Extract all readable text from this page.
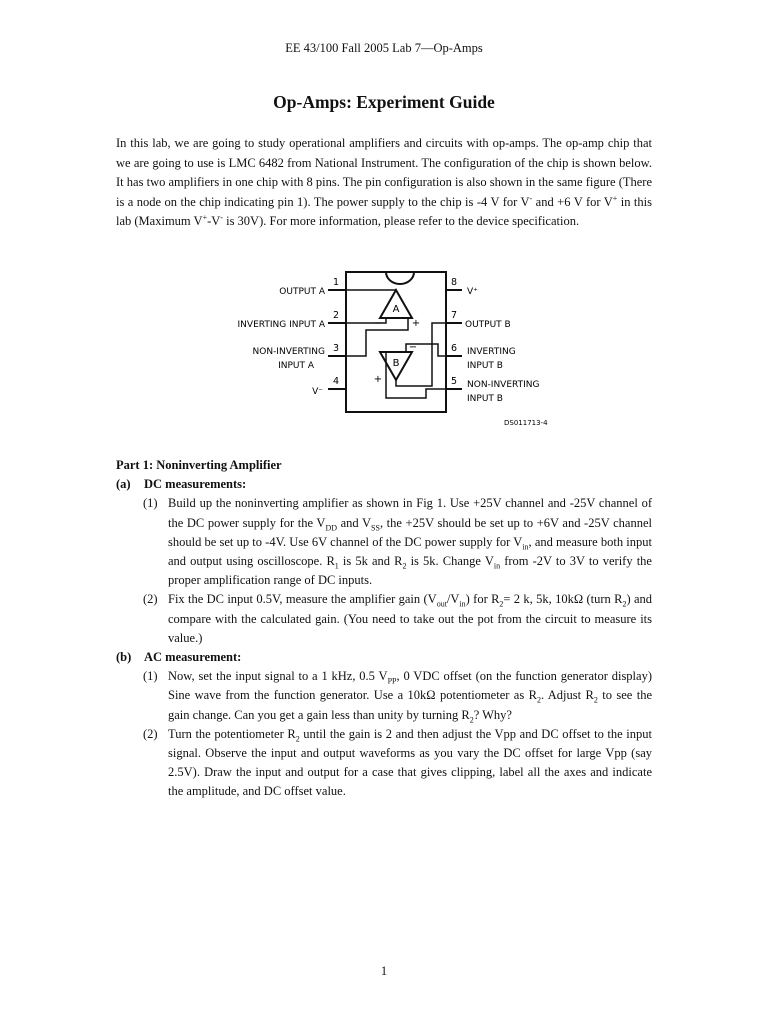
EE 43/100 Fall 2005 Lab 7—Op-Amps
Op-Amps: Experiment Guide

In this lab, we are going to study operational amplifiers and circuits with op-amps. The op-amp chip that we are going to use is LMC 6482 from National Instrument. The configuration of the chip is shown below. It has two amplifiers in one chip with 8 pins. The pin configuration is also shown in the same figure (There is a node on the chip indicating pin 1). The power supply to the chip is -4 V for V- and +6 V for V+ in this lab (Maximum V+-V- is 30V). For more information, please refer to the device specification.

A
B
−	+
−
+
1
2
3
4
8
7
6
5
OUTPUT A
INVERTING INPUT A
NON-INVERTING
INPUT A
V⁻
V⁺
OUTPUT B
INVERTING
INPUT B
NON-INVERTING
INPUT B
DS011713-4

Part 1: Noninverting Amplifier

(a)	DC measurements:

(1) Build up the noninverting amplifier as shown in Fig 1. Use +25V channel and -25V channel of the DC power supply for the $V_{DD}$ and $V_{SS}$, the +25V should be set up to +6V and -25V channel should be set up to -4V. Use 6V channel of the DC power supply for $V_{in}$, and measure both input and output using oscilloscope. $R_1$ is 5k and $R_2$ is 5k. Change $V_{in}$ from -2V to 3V to verify the proper amplification range of DC inputs.
(2) Fix the DC input 0.5V, measure the amplifier gain $(V_{out}/V_{in})$ for $R_2= 2$ k, 5k, 10kΩ (turn $R_2$) and compare with the calculated gain. (You need to take out the pot from the circuit to measure its value.)

(b)	AC measurement:

(1) Now, set the input signal to a 1 kHz, 0.5 $V_{PP}$, 0 VDC offset (on the function generator display) Sine wave from the function generator. Use a 10kΩ potentiometer as $R_2$. Adjust $R_2$ to see the gain change. Can you get a gain less than unity by turning $R_2$? Why?
(2) Turn the potentiometer $R_2$ until the gain is 2 and then adjust the Vpp and DC offset to the input signal. Observe the input and output waveforms as you vary the DC offset for large Vpp (say 2.5V). Draw the input and output for a case that gives clipping, label all the axes and indicate the amplitude, and DC offset value.
1
